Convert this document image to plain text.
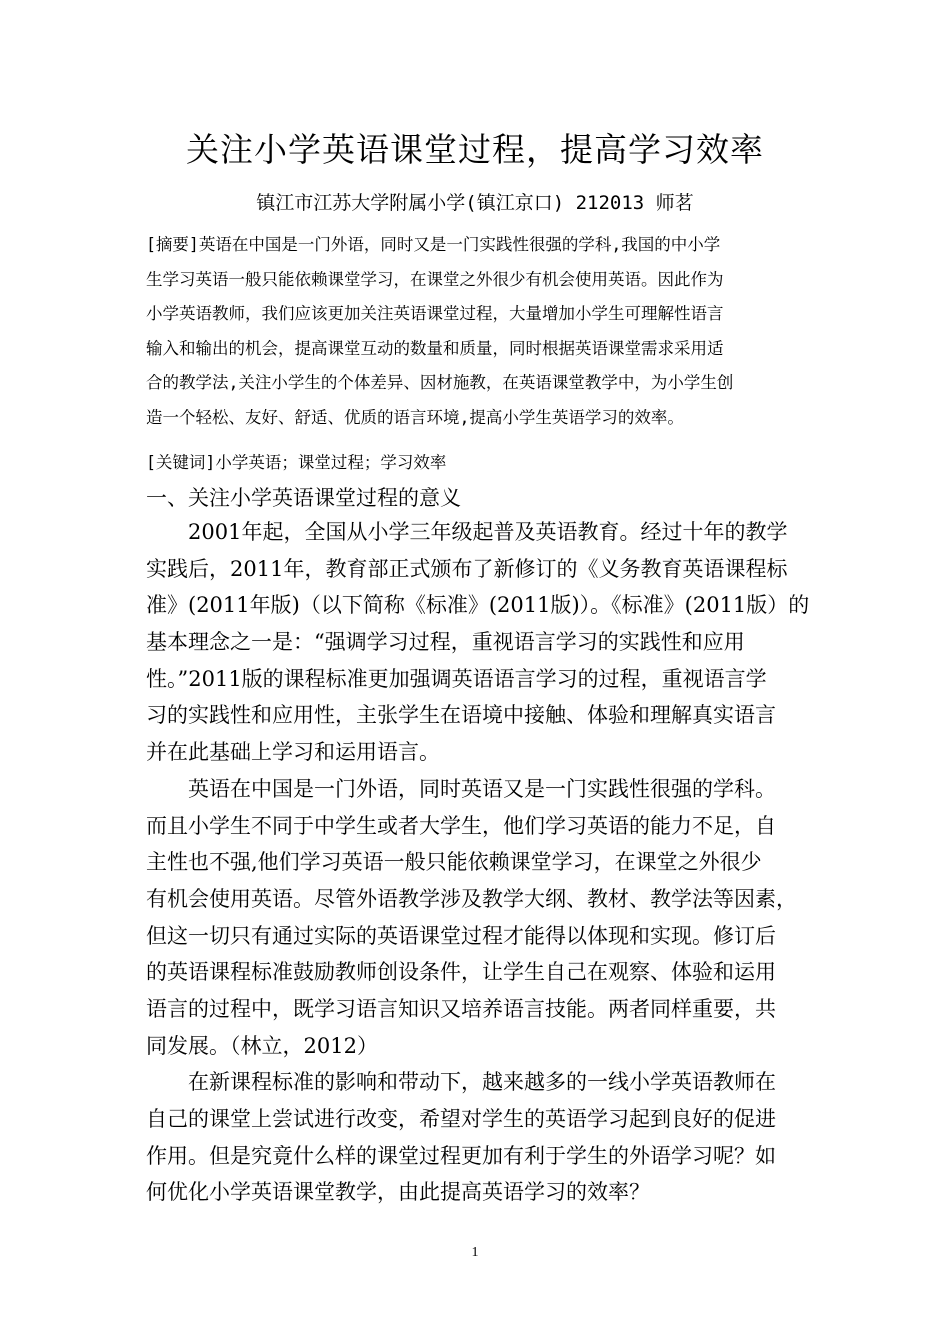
关注小学英语课堂过程，提高学习效率
镇江市江苏大学附属小学(镇江京口) 212013 师茗
[摘要]英语在中国是一门外语，同时又是一门实践性很强的学科,我国的中小学
生学习英语一般只能依赖课堂学习，在课堂之外很少有机会使用英语。因此作为
小学英语教师，我们应该更加关注英语课堂过程，大量增加小学生可理解性语言
输入和输出的机会，提高课堂互动的数量和质量，同时根据英语课堂需求采用适
合的教学法,关注小学生的个体差异、因材施教，在英语课堂教学中，为小学生创
造一个轻松、友好、舒适、优质的语言环境,提高小学生英语学习的效率。
[关键词]小学英语；课堂过程；学习效率
一、关注小学英语课堂过程的意义
2001年起，全国从小学三年级起普及英语教育。经过十年的教学
实践后，2011年，教育部正式颁布了新修订的《义务教育英语课程标
准》(2011年版)（以下简称《标准》(2011版)）。《标准》(2011版）的
基本理念之一是：“强调学习过程，重视语言学习的实践性和应用
性。”2011版的课程标准更加强调英语语言学习的过程，重视语言学
习的实践性和应用性，主张学生在语境中接触、体验和理解真实语言
并在此基础上学习和运用语言。
英语在中国是一门外语，同时英语又是一门实践性很强的学科。
而且小学生不同于中学生或者大学生，他们学习英语的能力不足，自
主性也不强,他们学习英语一般只能依赖课堂学习，在课堂之外很少
有机会使用英语。尽管外语教学涉及教学大纲、教材、教学法等因素，
但这一切只有通过实际的英语课堂过程才能得以体现和实现。修订后
的英语课程标准鼓励教师创设条件，让学生自己在观察、体验和运用
语言的过程中，既学习语言知识又培养语言技能。两者同样重要，共
同发展。（林立，2012）
在新课程标准的影响和带动下，越来越多的一线小学英语教师在
自己的课堂上尝试进行改变，希望对学生的英语学习起到良好的促进
作用。但是究竟什么样的课堂过程更加有利于学生的外语学习呢？如
何优化小学英语课堂教学，由此提高英语学习的效率？
1
